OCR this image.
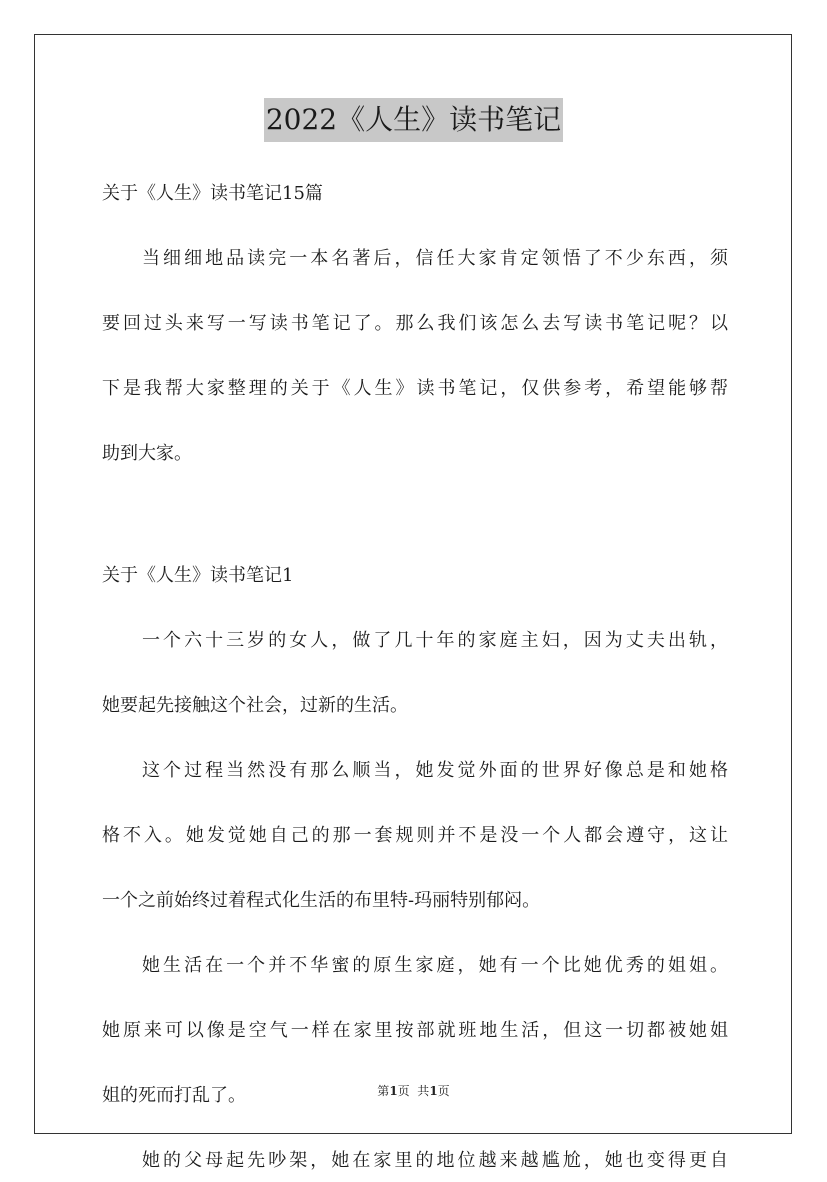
2022《人生》读书笔记
关于《人生》读书笔记15篇
当细细地品读完一本名著后，信任大家肯定领悟了不少东西，须
要回过头来写一写读书笔记了。那么我们该怎么去写读书笔记呢？以
下是我帮大家整理的关于《人生》读书笔记，仅供参考，希望能够帮
助到大家。
关于《人生》读书笔记1
一个六十三岁的女人，做了几十年的家庭主妇，因为丈夫出轨，
她要起先接触这个社会，过新的生活。
这个过程当然没有那么顺当，她发觉外面的世界好像总是和她格
格不入。她发觉她自己的那一套规则并不是没一个人都会遵守，这让
一个之前始终过着程式化生活的布里特-玛丽特别郁闷。
她生活在一个并不华蜜的原生家庭，她有一个比她优秀的姐姐。
她原来可以像是空气一样在家里按部就班地生活，但这一切都被她姐
姐的死而打乱了。
她的父母起先吵架，她在家里的地位越来越尴尬，她也变得更自
第1页  共1页
